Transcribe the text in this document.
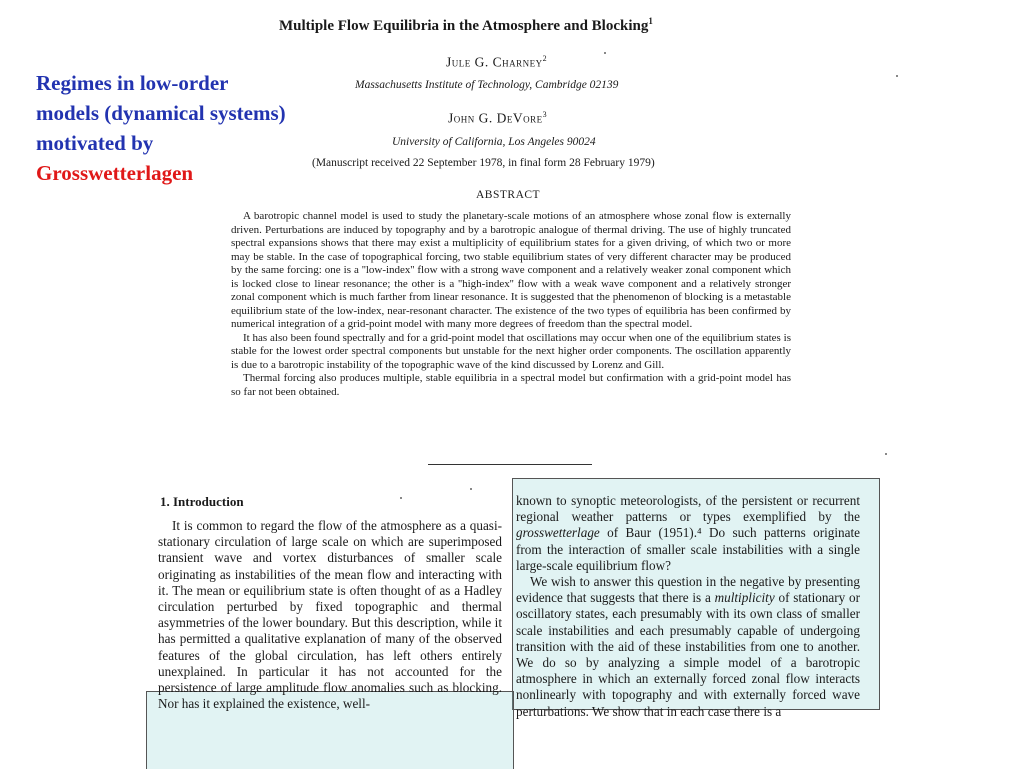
Regimes in low-order models (dynamical systems) motivated by Grosswetterlagen
Multiple Flow Equilibria in the Atmosphere and Blocking$^1$
Jule G. Charney$^2$
Massachusetts Institute of Technology, Cambridge 02139
John G. DeVore$^3$
University of California, Los Angeles 90024
(Manuscript received 22 September 1978, in final form 28 February 1979)
ABSTRACT

A barotropic channel model is used to study the planetary-scale motions of an atmosphere whose zonal flow is externally driven. Perturbations are induced by topography and by a barotropic analogue of thermal driving. The use of highly truncated spectral expansions shows that there may exist a multiplicity of equilibrium states for a given driving, of which two or more may be stable. In the case of topographical forcing, two stable equilibrium states of very different character may be produced by the same forcing: one is a ''low-index'' flow with a strong wave component and a relatively weaker zonal component which is locked close to linear resonance; the other is a ''high-index'' flow with a weak wave component and a relatively stronger zonal component which is much farther from linear resonance. It is suggested that the phenomenon of blocking is a metastable equilibrium state of the low-index, near-resonant character. The existence of the two types of equilibria has been confirmed by numerical integration of a grid-point model with many more degrees of freedom than the spectral model.

It has also been found spectrally and for a grid-point model that oscillations may occur when one of the equilibrium states is stable for the lowest order spectral components but unstable for the next higher order components. The oscillation apparently is due to a barotropic instability of the topographic wave of the kind discussed by Lorenz and Gill.

Thermal forcing also produces multiple, stable equilibria in a spectral model but confirmation with a grid-point model has so far not been obtained.

1. Introduction

It is common to regard the flow of the atmosphere as a quasi-stationary circulation of large scale on which are superimposed transient wave and vortex disturbances of smaller scale originating as instabilities of the mean flow and interacting with it. The mean or equilibrium state is often thought of as a Hadley circulation perturbed by fixed topographic and thermal asymmetries of the lower boundary. But this description, while it has permitted a qualitative explanation of many of the observed features of the global circulation, has left others entirely unexplained. In particular it has not accounted for the persistence of large amplitude flow anomalies such as blocking. Nor has it explained the existence, well-

known to synoptic meteorologists, of the persistent or recurrent regional weather patterns or types exemplified by the grosswetterlage of Baur (1951).⁴ Do such patterns originate from the interaction of smaller scale instabilities with a single large-scale equilibrium flow?

We wish to answer this question in the negative by presenting evidence that suggests that there is a multiplicity of stationary or oscillatory states, each presumably with its own class of smaller scale instabilities and each presumably capable of undergoing transition with the aid of these instabilities from one to another. We do so by analyzing a simple model of a barotropic atmosphere in which an externally forced zonal flow interacts nonlinearly with topography and with externally forced wave perturbations. We show that in each case there is a
